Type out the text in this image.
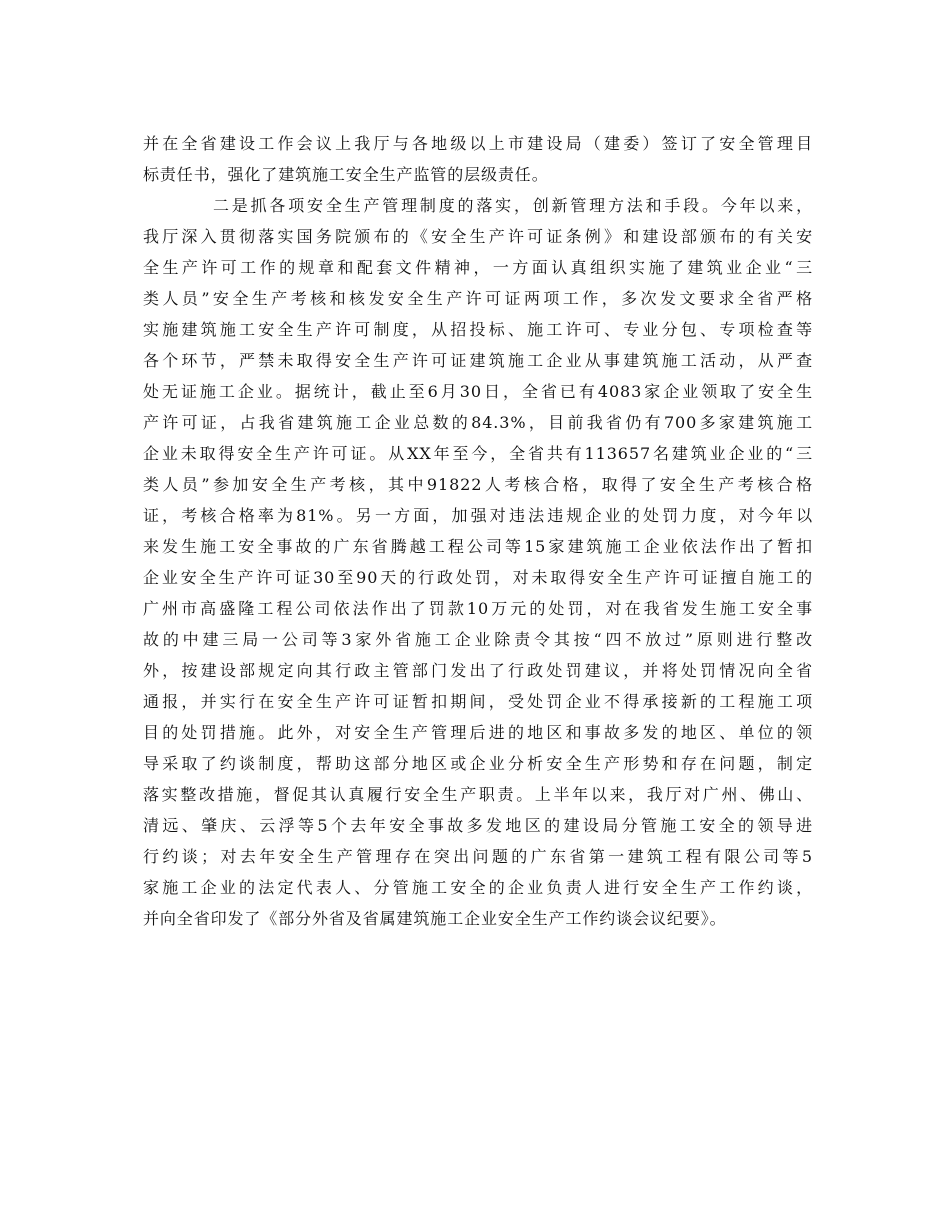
并在全省建设工作会议上我厅与各地级以上市建设局（建委）签订了安全管理目
标责任书，强化了建筑施工安全生产监管的层级责任。
二是抓各项安全生产管理制度的落实，创新管理方法和手段。今年以来，
我厅深入贯彻落实国务院颁布的《安全生产许可证条例》和建设部颁布的有关安
全生产许可工作的规章和配套文件精神，一方面认真组织实施了建筑业企业“三
类人员”安全生产考核和核发安全生产许可证两项工作，多次发文要求全省严格
实施建筑施工安全生产许可制度，从招投标、施工许可、专业分包、专项检查等
各个环节，严禁未取得安全生产许可证建筑施工企业从事建筑施工活动，从严查
处无证施工企业。据统计，截止至6月30日，全省已有4083家企业领取了安全生
产许可证，占我省建筑施工企业总数的84.3%，目前我省仍有700多家建筑施工
企业未取得安全生产许可证。从XX年至今，全省共有113657名建筑业企业的“三
类人员”参加安全生产考核，其中91822人考核合格，取得了安全生产考核合格
证，考核合格率为81%。另一方面，加强对违法违规企业的处罚力度，对今年以
来发生施工安全事故的广东省腾越工程公司等15家建筑施工企业依法作出了暂扣
企业安全生产许可证30至90天的行政处罚，对未取得安全生产许可证擅自施工的
广州市高盛隆工程公司依法作出了罚款10万元的处罚，对在我省发生施工安全事
故的中建三局一公司等3家外省施工企业除责令其按“四不放过”原则进行整改
外，按建设部规定向其行政主管部门发出了行政处罚建议，并将处罚情况向全省
通报，并实行在安全生产许可证暂扣期间，受处罚企业不得承接新的工程施工项
目的处罚措施。此外，对安全生产管理后进的地区和事故多发的地区、单位的领
导采取了约谈制度，帮助这部分地区或企业分析安全生产形势和存在问题，制定
落实整改措施，督促其认真履行安全生产职责。上半年以来，我厅对广州、佛山、
清远、肇庆、云浮等5个去年安全事故多发地区的建设局分管施工安全的领导进
行约谈；对去年安全生产管理存在突出问题的广东省第一建筑工程有限公司等5
家施工企业的法定代表人、分管施工安全的企业负责人进行安全生产工作约谈，
并向全省印发了《部分外省及省属建筑施工企业安全生产工作约谈会议纪要》。
